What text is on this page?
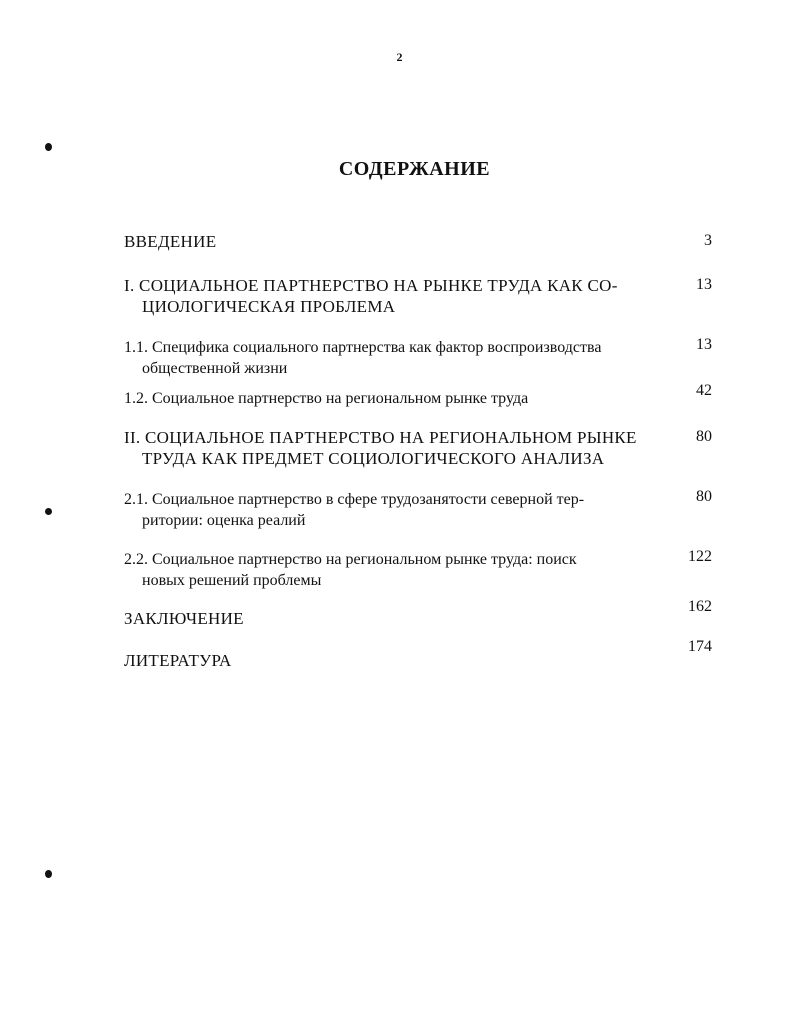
2
СОДЕРЖАНИЕ
ВВЕДЕНИЕ	3
I. СОЦИАЛЬНОЕ ПАРТНЕРСТВО НА РЫНКЕ ТРУДА КАК СО-
ЦИОЛОГИЧЕСКАЯ ПРОБЛЕМА
13
1.1. Специфика социального партнерства как фактор воспроизводства
общественной жизни
13
1.2. Социальное партнерство на региональном рынке труда	42
II. СОЦИАЛЬНОЕ ПАРТНЕРСТВО НА РЕГИОНАЛЬНОМ РЫНКЕ
ТРУДА КАК ПРЕДМЕТ СОЦИОЛОГИЧЕСКОГО АНАЛИЗА
80
2.1. Социальное партнерство в сфере трудозанятости северной тер-
ритории: оценка реалий
80
2.2. Социальное партнерство на региональном рынке труда: поиск
новых решений проблемы
122
ЗАКЛЮЧЕНИЕ
162
ЛИТЕРАТУРА
174
